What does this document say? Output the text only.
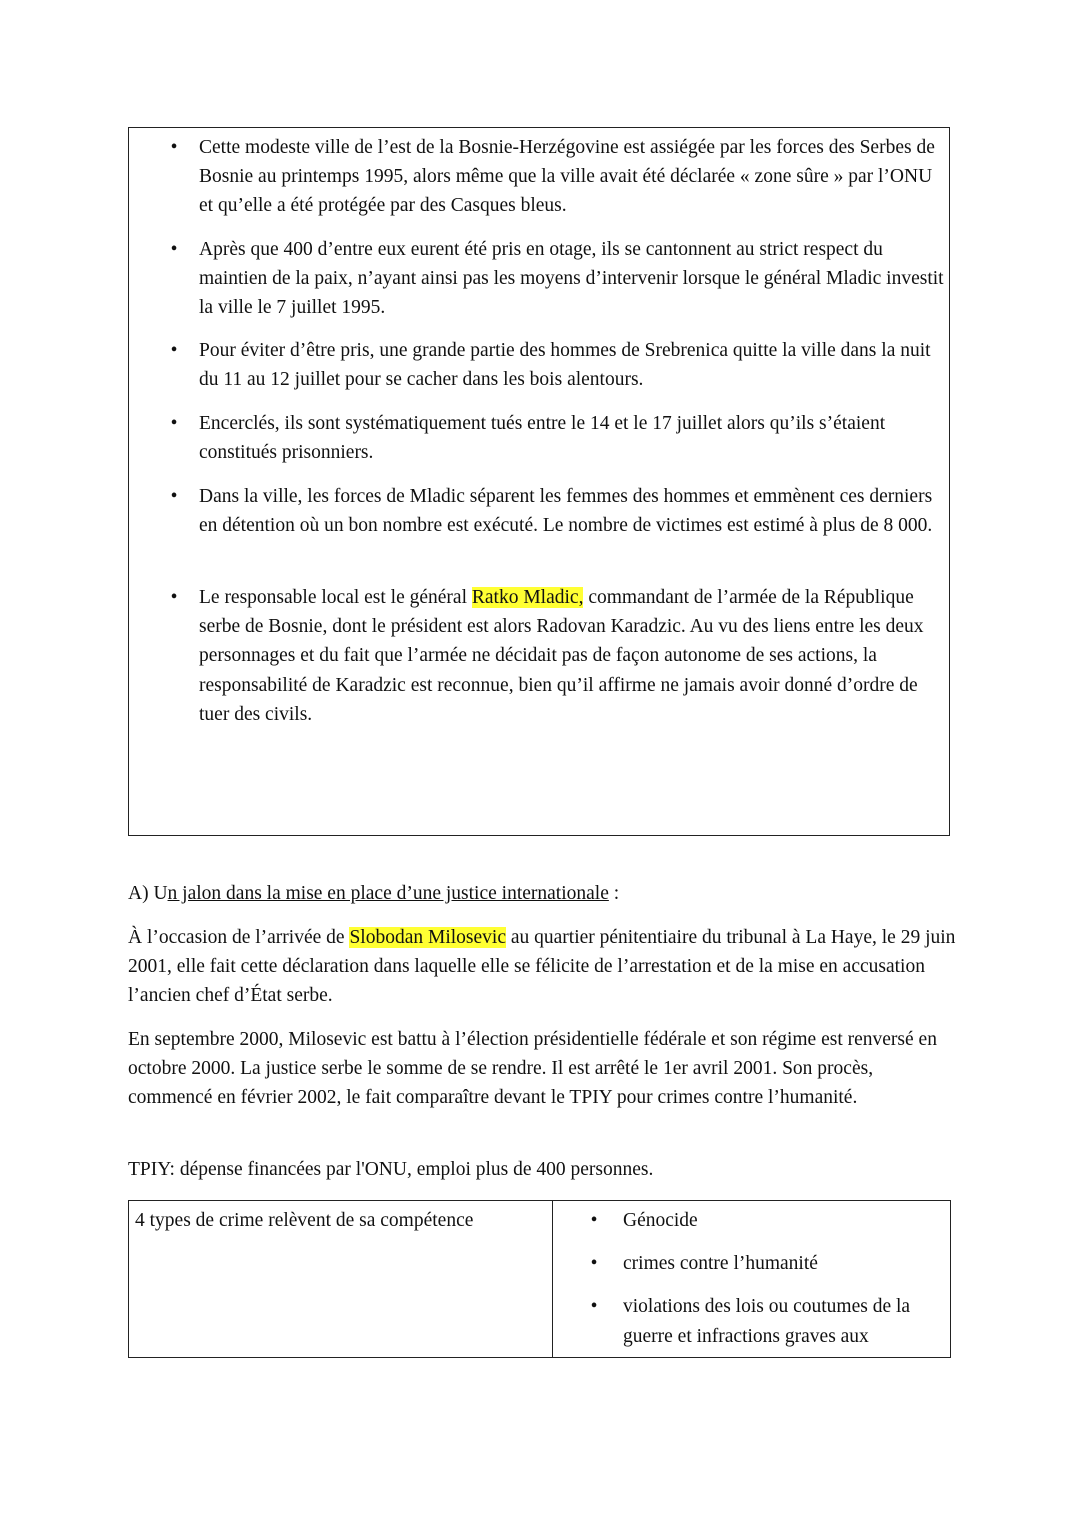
• Cette modeste ville de l’est de la Bosnie-Herzégovine est assiégée par les forces des Serbes de Bosnie au printemps 1995, alors même que la ville avait été déclarée « zone sûre » par l’ONU et qu’elle a été protégée par des Casques bleus.
• Après que 400 d’entre eux eurent été pris en otage, ils se cantonnent au strict respect du maintien de la paix, n’ayant ainsi pas les moyens d’intervenir lorsque le général Mladic investit la ville le 7 juillet 1995.
• Pour éviter d’être pris, une grande partie des hommes de Srebrenica quitte la ville dans la nuit du 11 au 12 juillet pour se cacher dans les bois alentours.
• Encerclés, ils sont systématiquement tués entre le 14 et le 17 juillet alors qu’ils s’étaient constitués prisonniers.
• Dans la ville, les forces de Mladic séparent les femmes des hommes et emmènent ces derniers en détention où un bon nombre est exécuté. Le nombre de victimes est estimé à plus de 8 000.
• Le responsable local est le général Ratko Mladic, commandant de l’armée de la République serbe de Bosnie, dont le président est alors Radovan Karadzic. Au vu des liens entre les deux personnages et du fait que l’armée ne décidait pas de façon autonome de ses actions, la responsabilité de Karadzic est reconnue, bien qu’il affirme ne jamais avoir donné d’ordre de tuer des civils.
A) Un jalon dans la mise en place d’une justice internationale :

À l’occasion de l’arrivée de Slobodan Milosevic au quartier pénitentiaire du tribunal à La Haye, le 29 juin 2001, elle fait cette déclaration dans laquelle elle se félicite de l’arrestation et de la mise en accusation l’ancien chef d’État serbe.

En septembre 2000, Milosevic est battu à l’élection présidentielle fédérale et son régime est renversé en octobre 2000. La justice serbe le somme de se rendre. Il est arrêté le 1er avril 2001. Son procès, commencé en février 2002, le fait comparaître devant le TPIY pour crimes contre l’humanité.

TPIY: dépense financées par l'ONU, emploi plus de 400 personnes.

4 types de crime relèvent de sa compétence	• Génocide
• crimes contre l’humanité
• violations des lois ou coutumes de la guerre et infractions graves aux
